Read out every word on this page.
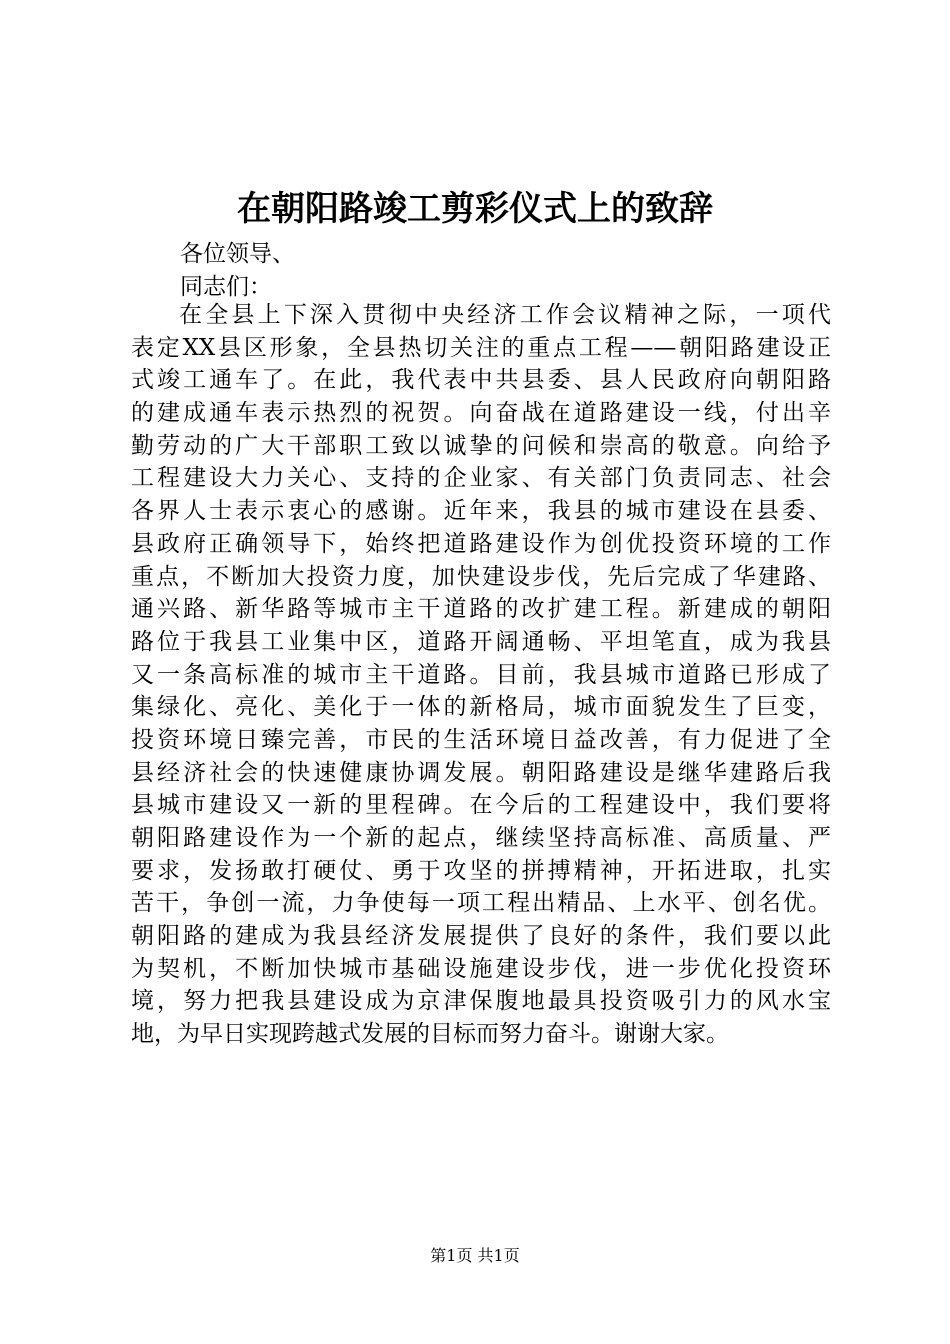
在朝阳路竣工剪彩仪式上的致辞
各位领导、
同志们：
在全县上下深入贯彻中央经济工作会议精神之际，一项代
表定XX县区形象，全县热切关注的重点工程——朝阳路建设正
式竣工通车了。在此，我代表中共县委、县人民政府向朝阳路
的建成通车表示热烈的祝贺。向奋战在道路建设一线，付出辛
勤劳动的广大干部职工致以诚挚的问候和崇高的敬意。向给予
工程建设大力关心、支持的企业家、有关部门负责同志、社会
各界人士表示衷心的感谢。近年来，我县的城市建设在县委、
县政府正确领导下，始终把道路建设作为创优投资环境的工作
重点，不断加大投资力度，加快建设步伐，先后完成了华建路、
通兴路、新华路等城市主干道路的改扩建工程。新建成的朝阳
路位于我县工业集中区，道路开阔通畅、平坦笔直，成为我县
又一条高标准的城市主干道路。目前，我县城市道路已形成了
集绿化、亮化、美化于一体的新格局，城市面貌发生了巨变，
投资环境日臻完善，市民的生活环境日益改善，有力促进了全
县经济社会的快速健康协调发展。朝阳路建设是继华建路后我
县城市建设又一新的里程碑。在今后的工程建设中，我们要将
朝阳路建设作为一个新的起点，继续坚持高标准、高质量、严
要求，发扬敢打硬仗、勇于攻坚的拼搏精神，开拓进取，扎实
苦干，争创一流，力争使每一项工程出精品、上水平、创名优。
朝阳路的建成为我县经济发展提供了良好的条件，我们要以此
为契机，不断加快城市基础设施建设步伐，进一步优化投资环
境，努力把我县建设成为京津保腹地最具投资吸引力的风水宝
地，为早日实现跨越式发展的目标而努力奋斗。谢谢大家。
第1页 共1页
